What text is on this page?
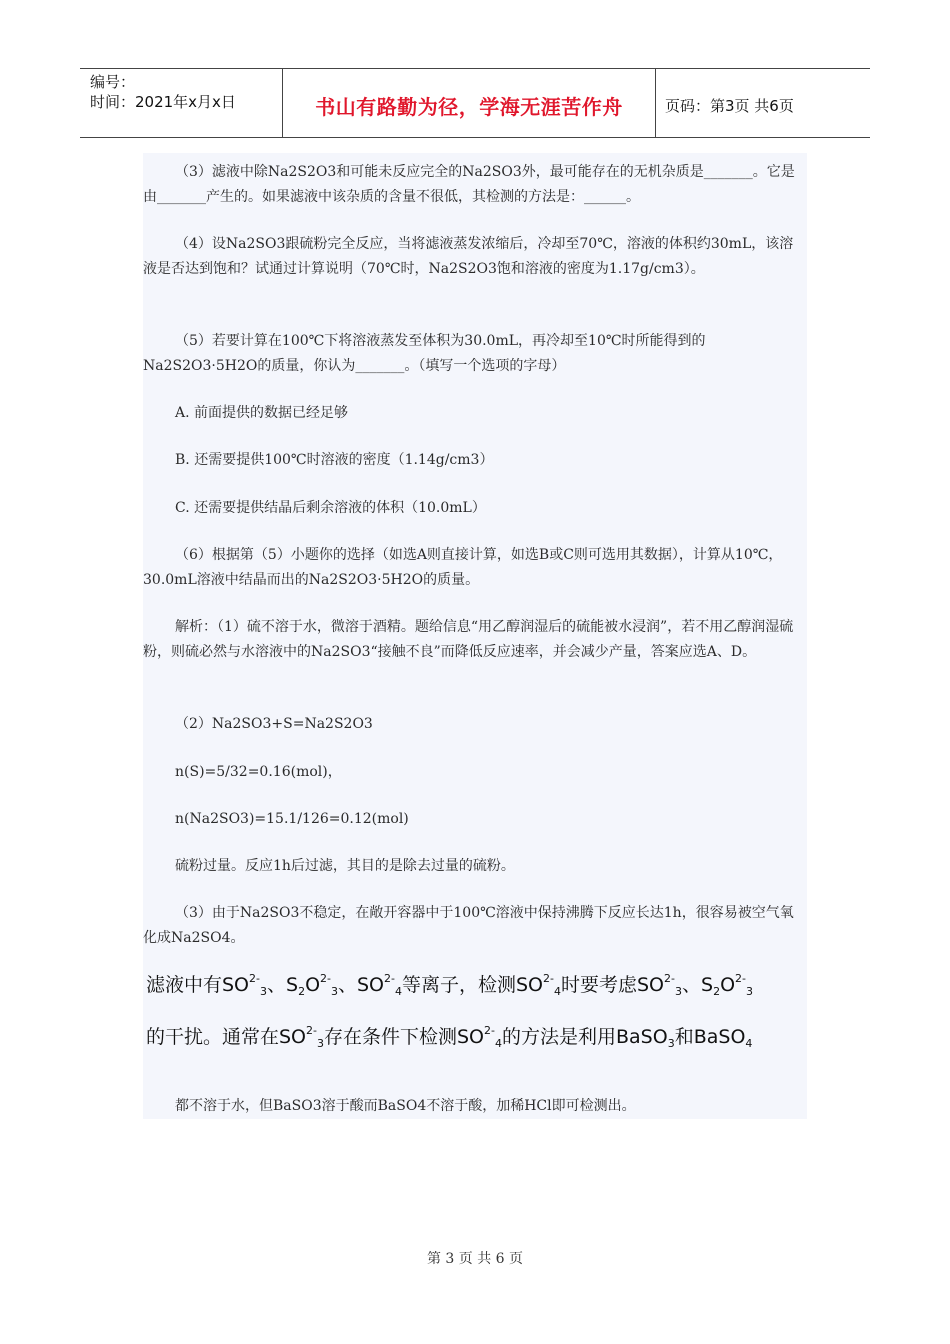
编号：
时间：2021年x月x日	书山有路勤为径，学海无涯苦作舟	页码：第3页 共6页
（3）滤液中除Na2S2O3和可能未反应完全的Na2SO3外，最可能存在的无机杂质是_______。它是由_______产生的。如果滤液中该杂质的含量不很低，其检测的方法是：______。
（4）设Na2SO3跟硫粉完全反应，当将滤液蒸发浓缩后，冷却至70℃，溶液的体积约30mL，该溶液是否达到饱和？试通过计算说明（70℃时，Na2S2O3饱和溶液的密度为1.17g/cm3）。
（5）若要计算在100℃下将溶液蒸发至体积为30.0mL，再冷却至10℃时所能得到的Na2S2O3·5H2O的质量，你认为_______。（填写一个选项的字母）
A. 前面提供的数据已经足够
B. 还需要提供100℃时溶液的密度（1.14g/cm3）
C. 还需要提供结晶后剩余溶液的体积（10.0mL）
（6）根据第（5）小题你的选择（如选A则直接计算，如选B或C则可选用其数据），计算从10℃，30.0mL溶液中结晶而出的Na2S2O3·5H2O的质量。
解析：（1）硫不溶于水，微溶于酒精。题给信息“用乙醇润湿后的硫能被水浸润”，若不用乙醇润湿硫粉，则硫必然与水溶液中的Na2SO3“接触不良”而降低反应速率，并会减少产量，答案应选A、D。
（2）Na2SO3+S=Na2S2O3
n(S)=5/32=0.16(mol)，
n(Na2SO3)=15.1/126=0.12(mol)
硫粉过量。反应1h后过滤，其目的是除去过量的硫粉。
（3）由于Na2SO3不稳定，在敞开容器中于100℃溶液中保持沸腾下反应长达1h，很容易被空气氧化成Na2SO4。
滤液中有$SO^{2-}_3$、$S_2O^{2-}_3$、$SO^{2-}_4$等离子，检测$SO^{2-}_4$时要考虑$SO^{2-}_3$、$S_2O^{2-}_3$
的干扰。通常在$SO^{2-}_3$存在条件下检测$SO^{2-}_4$的方法是利用BaSO$_3$和BaSO$_4$
都不溶于水，但BaSO3溶于酸而BaSO4不溶于酸，加稀HCl即可检测出。
第 3 页 共 6 页
